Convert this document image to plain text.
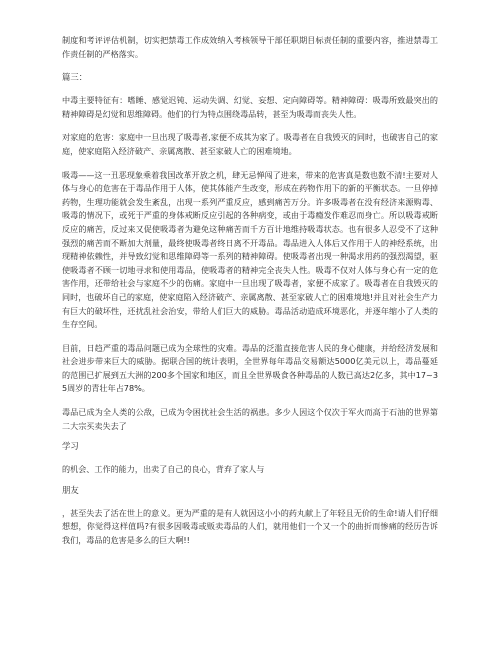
制度和考评评估机制，切实把禁毒工作成效纳入考核领导干部任职期目标责任制的重要内容，推进禁毒工作责任制的严格落实。

篇三：

中毒主要特征有：嗜睡、感觉迟钝、运动失调、幻觉、妄想、定向障碍等。精神障碍：吸毒所致最突出的精神障碍是幻觉和思维障碍。他们的行为特点围绕毒品转，甚至为吸毒而丧失人性。

对家庭的危害：家庭中一旦出现了吸毒者,家便不成其为家了。吸毒者在自我毁灭的同时，也破害自己的家庭，使家庭陷入经济破产、亲属离散、甚至家破人亡的困难境地。

吸毒——这一丑恶现象乘着我国改革开放之机，肆无忌惮闯了进来，带来的危害真是数也数不清!主要对人体与身心的危害在于毒品作用于人体，使其体能产生改变，形成在药物作用下的新的平衡状态。一旦停掉药物，生理功能就会发生紊乱，出现一系列严重反应，感到痛苦万分。许多吸毒者在没有经济来源购毒、吸毒的情况下，或死于严重的身体戒断反应引起的各种病变，或由于毒瘾发作难忍而身亡。所以吸毒戒断反应的痛苦，反过来又促使吸毒者为避免这种痛苦而千方百计地维持吸毒状态。也有很多人忍受不了这种强烈的痛苦而不断加大剂量，最终使吸毒者终日离不开毒品。毒品进入人体后又作用于人的神经系统，出现精神依赖性，并导致幻觉和思维障碍等一系列的精神障碍。使吸毒者出现一种渴求用药的强烈渴望，驱使吸毒者不顾一切地寻求和使用毒品，使吸毒者的精神完全丧失人性。吸毒不仅对人体与身心有一定的危害作用，还带给社会与家庭不少的伤痛。家庭中一旦出现了吸毒者，家便不成家了。吸毒者在自我毁灭的同时，也破坏自己的家庭，使家庭陷入经济破产、亲属离散、甚至家破人亡的困难境地!并且对社会生产力有巨大的破坏性，还扰乱社会治安，带给人们巨大的威胁。毒品活动造成环境恶化，并逐年缩小了人类的生存空间。

目前，日趋严重的毒品问题已成为全球性的灾难。毒品的泛滥直接危害人民的身心健康，并给经济发展和社会进步带来巨大的威胁。据联合国的统计表明，全世界每年毒品交易额达5000亿美元以上，毒品蔓延的范围已扩展到五大洲的200多个国家和地区，而且全世界吸食各种毒品的人数已高达2亿多，其中17~35周岁的青壮年占78%。

毒品已成为全人类的公敌，已成为令困扰社会生活的祸患。多少人因这个仅次于军火而高于石油的世界第二大宗买卖失去了

学习

的机会、工作的能力，出卖了自己的良心，背弃了家人与

朋友

，甚至失去了活在世上的意义。更为严重的是有人就因这小小的药丸献上了年轻且无价的生命!请人们仔细想想，你觉得这样值吗?有很多因吸毒或贩卖毒品的人们，就用他们一个又一个的曲折而惨痛的经历告诉我们，毒品的危害是多么的巨大啊!!
